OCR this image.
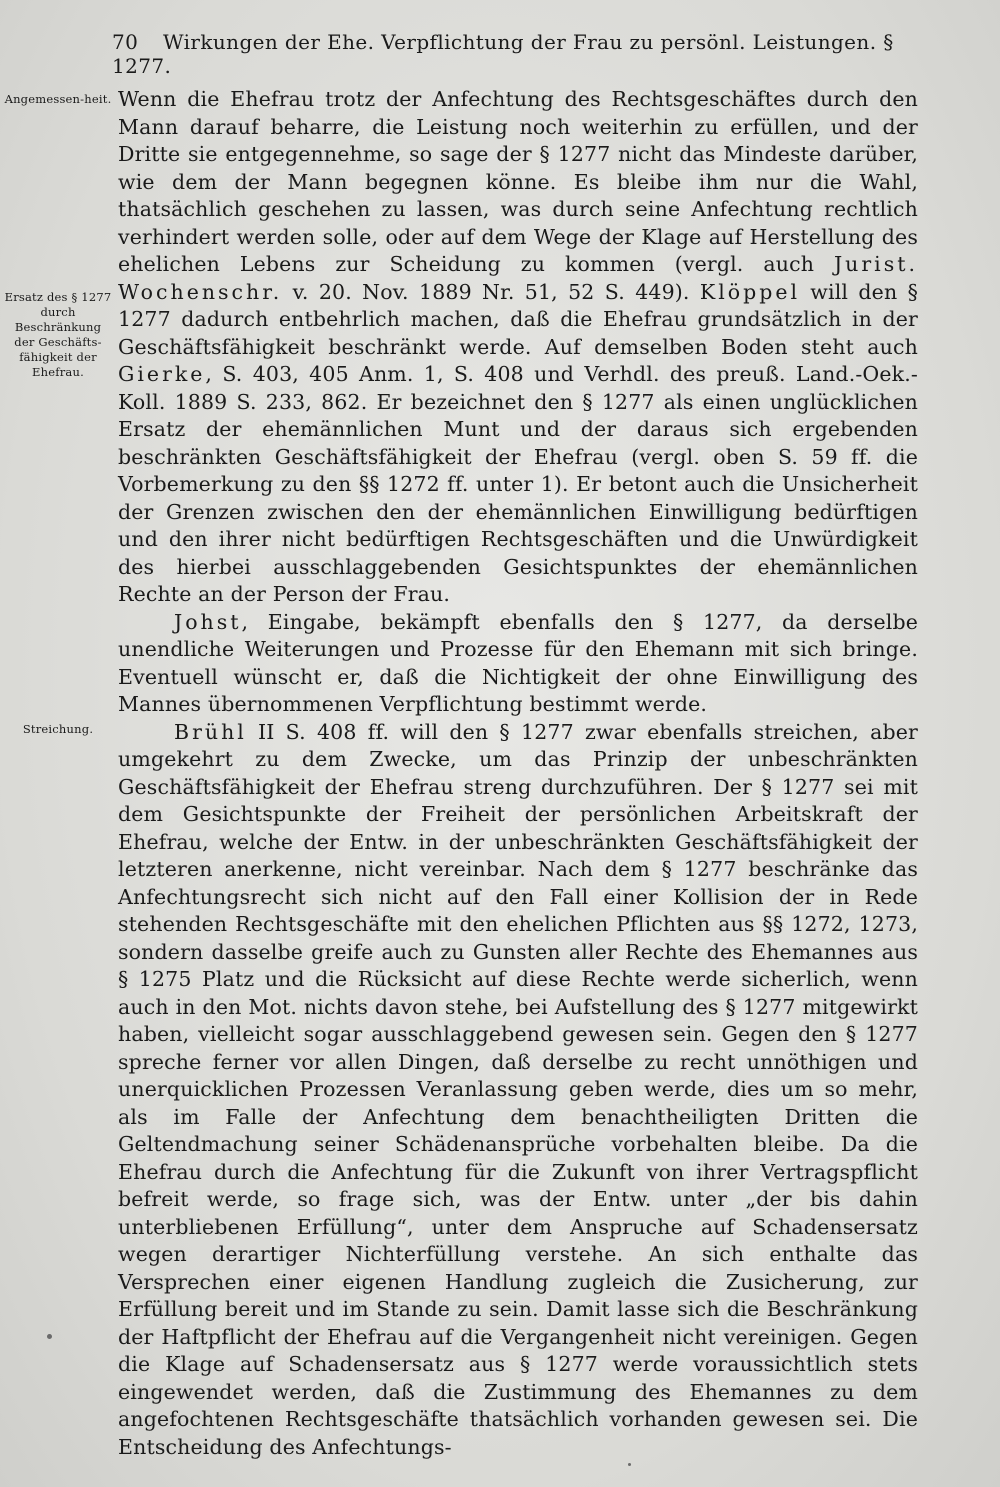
70 Wirkungen der Ehe. Verpflichtung der Frau zu persönl. Leistungen. § 1277.
Angemessen-heit.
Ersatz des § 1277 durch Beschränkung der Geschäfts-fähigkeit der Ehefrau.
Streichung.

Wenn die Ehefrau trotz der Anfechtung des Rechtsgeschäftes durch den Mann darauf beharre, die Leistung noch weiterhin zu erfüllen, und der Dritte sie entgegennehme, so sage der § 1277 nicht das Mindeste darüber, wie dem der Mann begegnen könne. Es bleibe ihm nur die Wahl, thatsächlich geschehen zu lassen, was durch seine Anfechtung rechtlich verhindert werden solle, oder auf dem Wege der Klage auf Herstellung des ehelichen Lebens zur Scheidung zu kommen (vergl. auch Jurist. Wochenschr. v. 20. Nov. 1889 Nr. 51, 52 S. 449). Klöppel will den § 1277 dadurch entbehrlich machen, daß die Ehefrau grundsätzlich in der Geschäftsfähigkeit beschränkt werde. Auf demselben Boden steht auch Gierke, S. 403, 405 Anm. 1, S. 408 und Verhdl. des preuß. Land.-Oek.-Koll. 1889 S. 233, 862. Er bezeichnet den § 1277 als einen unglücklichen Ersatz der ehemännlichen Munt und der daraus sich ergebenden beschränkten Geschäftsfähigkeit der Ehefrau (vergl. oben S. 59 ff. die Vorbemerkung zu den §§ 1272 ff. unter 1). Er betont auch die Unsicherheit der Grenzen zwischen den der ehemännlichen Einwilligung bedürftigen und den ihrer nicht bedürftigen Rechtsgeschäften und die Unwürdigkeit des hierbei ausschlaggebenden Gesichtspunktes der ehemännlichen Rechte an der Person der Frau.

Johst, Eingabe, bekämpft ebenfalls den § 1277, da derselbe unendliche Weiterungen und Prozesse für den Ehemann mit sich bringe. Eventuell wünscht er, daß die Nichtigkeit der ohne Einwilligung des Mannes übernommenen Verpflichtung bestimmt werde.

Brühl II S. 408 ff. will den § 1277 zwar ebenfalls streichen, aber umgekehrt zu dem Zwecke, um das Prinzip der unbeschränkten Geschäftsfähigkeit der Ehefrau streng durchzuführen. Der § 1277 sei mit dem Gesichtspunkte der Freiheit der persönlichen Arbeitskraft der Ehefrau, welche der Entw. in der unbeschränkten Geschäftsfähigkeit der letzteren anerkenne, nicht vereinbar. Nach dem § 1277 beschränke das Anfechtungsrecht sich nicht auf den Fall einer Kollision der in Rede stehenden Rechtsgeschäfte mit den ehelichen Pflichten aus §§ 1272, 1273, sondern dasselbe greife auch zu Gunsten aller Rechte des Ehemannes aus § 1275 Platz und die Rücksicht auf diese Rechte werde sicherlich, wenn auch in den Mot. nichts davon stehe, bei Aufstellung des § 1277 mitgewirkt haben, vielleicht sogar ausschlaggebend gewesen sein. Gegen den § 1277 spreche ferner vor allen Dingen, daß derselbe zu recht unnöthigen und unerquicklichen Prozessen Veranlassung geben werde, dies um so mehr, als im Falle der Anfechtung dem benachtheiligten Dritten die Geltendmachung seiner Schädenansprüche vorbehalten bleibe. Da die Ehefrau durch die Anfechtung für die Zukunft von ihrer Vertragspflicht befreit werde, so frage sich, was der Entw. unter „der bis dahin unterbliebenen Erfüllung“, unter dem Anspruche auf Schadensersatz wegen derartiger Nichterfüllung verstehe. An sich enthalte das Versprechen einer eigenen Handlung zugleich die Zusicherung, zur Erfüllung bereit und im Stande zu sein. Damit lasse sich die Beschränkung der Haftpflicht der Ehefrau auf die Vergangenheit nicht vereinigen. Gegen die Klage auf Schadensersatz aus § 1277 werde voraussichtlich stets eingewendet werden, daß die Zustimmung des Ehemannes zu dem angefochtenen Rechtsgeschäfte thatsächlich vorhanden gewesen sei. Die Entscheidung des Anfechtungs-
